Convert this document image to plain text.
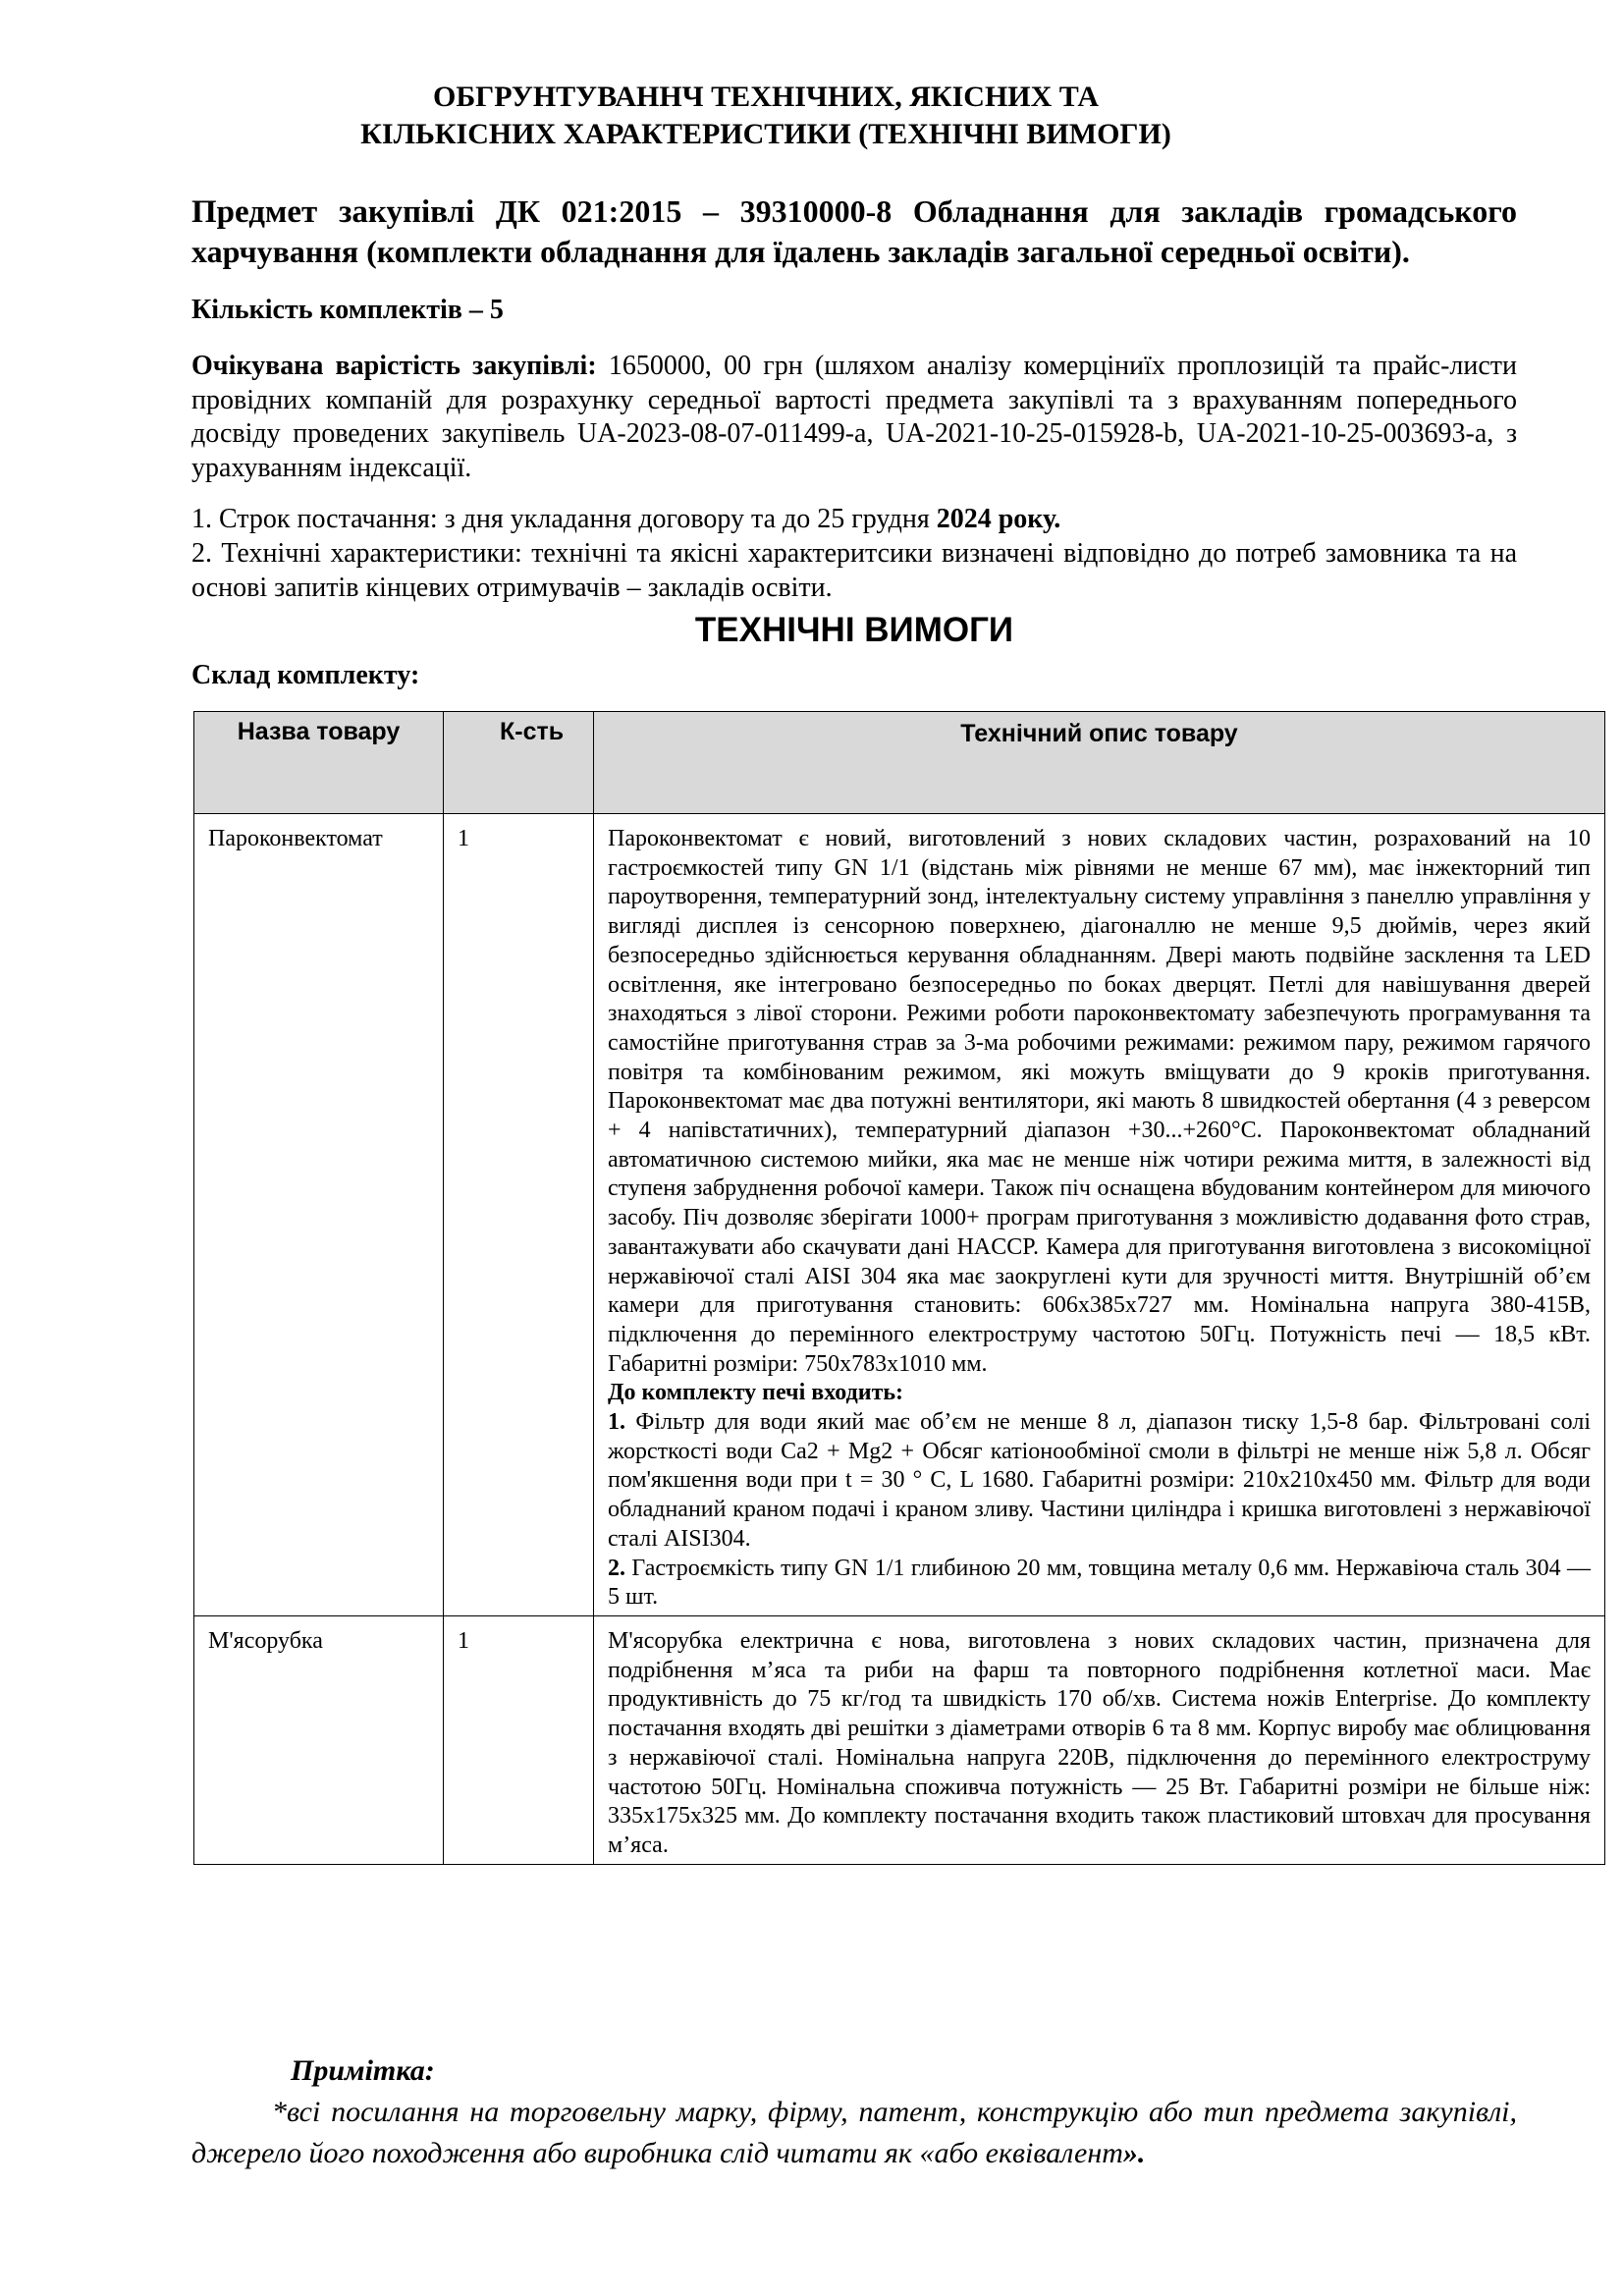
ОБГРУНТУВАННЧ ТЕХНІЧНИХ, ЯКІСНИХ ТА
КІЛЬКІСНИХ ХАРАКТЕРИСТИКИ (ТЕХНІЧНІ ВИМОГИ)
Предмет закупівлі ДК 021:2015 – 39310000-8 Обладнання для закладів громадського харчування (комплекти обладнання для їдалень закладів загальної середньої освіти).
Кількість комплектів – 5
Очікувана варістість закупівлі: 1650000, 00 грн (шляхом аналізу комерціниїх проплозицій та прайс-листи провідних компаній для розрахунку середньої вартості предмета закупівлі та з врахуванням попереднього досвіду проведених закупівель UA-2023-08-07-011499-a, UA-2021-10-25-015928-b, UA-2021-10-25-003693-a, з урахуванням індексації.
1. Строк постачання: з дня укладання договору та до 25 грудня 2024 року.
2. Технічні характеристики: технічні та якісні характеритсики визначені відповідно до потреб замовника та на основі запитів кінцевих отримувачів – закладів освіти.
ТЕХНІЧНІ ВИМОГИ
Склад комплекту:
Назва товару	К-сть	Технічний опис товару
Пароконвектомат	1	Пароконвектомат є новий, виготовлений з нових складових частин, розрахований на 10 гастроємкостей типу GN 1/1 (відстань між рівнями не менше 67 мм), має інжекторний тип пароутворення, температурний зонд, інтелектуальну систему управління з панеллю управління у вигляді дисплея із сенсорною поверхнею, діагоналлю не менше 9,5 дюймів, через який безпосередньо здійснюється керування обладнанням. Двері мають подвійне засклення та LED освітлення, яке інтегровано безпосередньо по боках дверцят. Петлі для навішування дверей знаходяться з лівої сторони. Режими роботи пароконвектомату забезпечують програмування та самостійне приготування страв за 3-ма робочими режимами: режимом пару, режимом гарячого повітря та комбінованим режимом, які можуть вміщувати до 9 кроків приготування. Пароконвектомат має два потужні вентилятори, які мають 8 швидкостей обертання (4 з реверсом + 4 напівстатичних), температурний діапазон +30...+260°С. Пароконвектомат обладнаний автоматичною системою мийки, яка має не менше ніж чотири режима миття, в залежності від ступеня забруднення робочої камери. Також піч оснащена вбудованим контейнером для миючого засобу. Піч дозволяє зберігати 1000+ програм приготування з можливістю додавання фото страв, завантажувати або скачувати дані HACCP. Камера для приготування виготовлена з високоміцної нержавіючої сталі AISI 304 яка має заокруглені кути для зручності миття. Внутрішній об’єм камери для приготування становить: 606х385х727 мм. Номінальна напруга 380-415В, підключення до перемінного електроструму частотою 50Гц. Потужність печі — 18,5 кВт. Габаритні розміри: 750х783х1010 мм.
До комплекту печі входить:
1. Фільтр для води який має об’єм не менше 8 л, діапазон тиску 1,5-8 бар. Фільтровані солі жорсткості води Са2 + Mg2 + Обсяг катіонообміної смоли в фільтрі не менше ніж 5,8 л. Обсяг пом'якшення води при t = 30 ° С, L 1680. Габаритні розміри: 210х210х450 мм. Фільтр для води обладнаний краном подачі і краном зливу. Частини циліндра і кришка виготовлені з нержавіючої сталі AISI304.
2. Гастроємкість типу GN 1/1 глибиною 20 мм, товщина металу 0,6 мм. Нержавіюча сталь 304 — 5 шт.
М'ясорубка	1	М'ясорубка електрична є нова, виготовлена з нових складових частин, призначена для подрібнення м’яса та риби на фарш та повторного подрібнення котлетної маси. Має продуктивність до 75 кг/год та швидкість 170 об/хв. Система ножів Enterprise. До комплекту постачання входять дві решітки з діаметрами отворів 6 та 8 мм. Корпус виробу має облицювання з нержавіючої сталі. Номінальна напруга 220В, підключення до перемінного електроструму частотою 50Гц. Номінальна споживча потужність — 25 Вт. Габаритні розміри не більше ніж: 335х175х325 мм. До комплекту постачання входить також пластиковий штовхач для просування м’яса.
Примітка:
*всі посилання на торговельну марку, фірму, патент, конструкцію або тип предмета закупівлі, джерело його походження або виробника слід читати як «або еквівалент».
